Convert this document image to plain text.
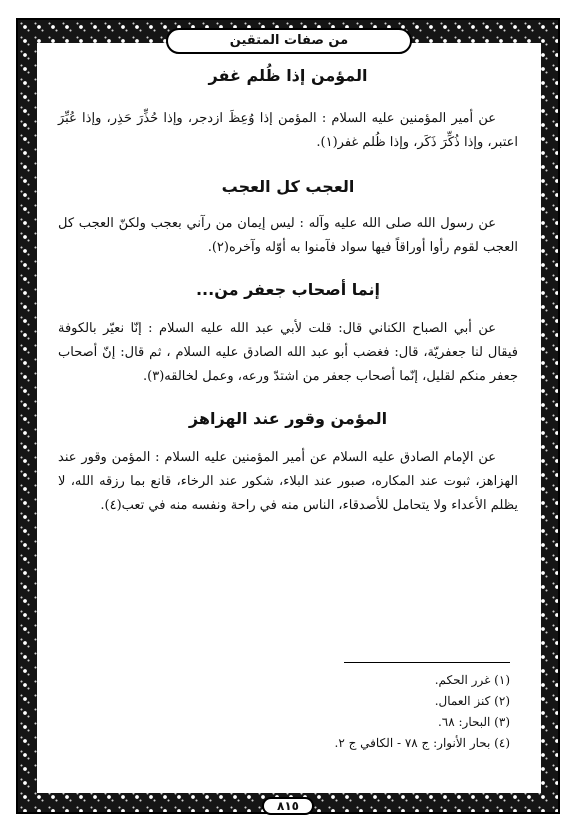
من صفات المتقين
المؤمن إذا ظُلم غفر

عن أمير المؤمنين عليه السلام : المؤمن إذا وُعِظَ ازدجر، وإذا حُذِّرَ حَذِر، وإذا عُبِّرَ اعتبر، وإذا ذُكِّرَ ذَكَر، وإذا ظُلم غفر(١).

العجب كل العجب

عن رسول الله صلى الله عليه وآله : ليس إيمان من رآني بعجب ولكنّ العجب كل العجب لقوم رأوا أوراقاً فيها سواد فآمنوا به أوّله وآخره(٢).

إنما أصحاب جعفر من...

عن أبي الصباح الكناني قال: قلت لأبي عبد الله عليه السلام : إنّا نعيّر بالكوفة فيقال لنا جعفريّة، قال: فغضب أبو عبد الله الصادق عليه السلام ، ثم قال: إنّ أصحاب جعفر منكم لقليل، إنّما أصحاب جعفر من اشتدّ ورعه، وعمل لخالقه(٣).

المؤمن وقور عند الهزاهز

عن الإمام الصادق عليه السلام عن أمير المؤمنين عليه السلام : المؤمن وقور عند الهزاهز، ثبوت عند المكاره، صبور عند البلاء، شكور عند الرخاء، قانع بما رزقه الله، لا يظلم الأعداء ولا يتحامل للأصدقاء، الناس منه في راحة ونفسه منه في تعب(٤).

(١) غرر الحكم.
(٢) كنز العمال.
(٣) البحار: ٦٨.
(٤) بحار الأنوار: ج ٧٨ - الكافي ج ٢.
٨١٥
